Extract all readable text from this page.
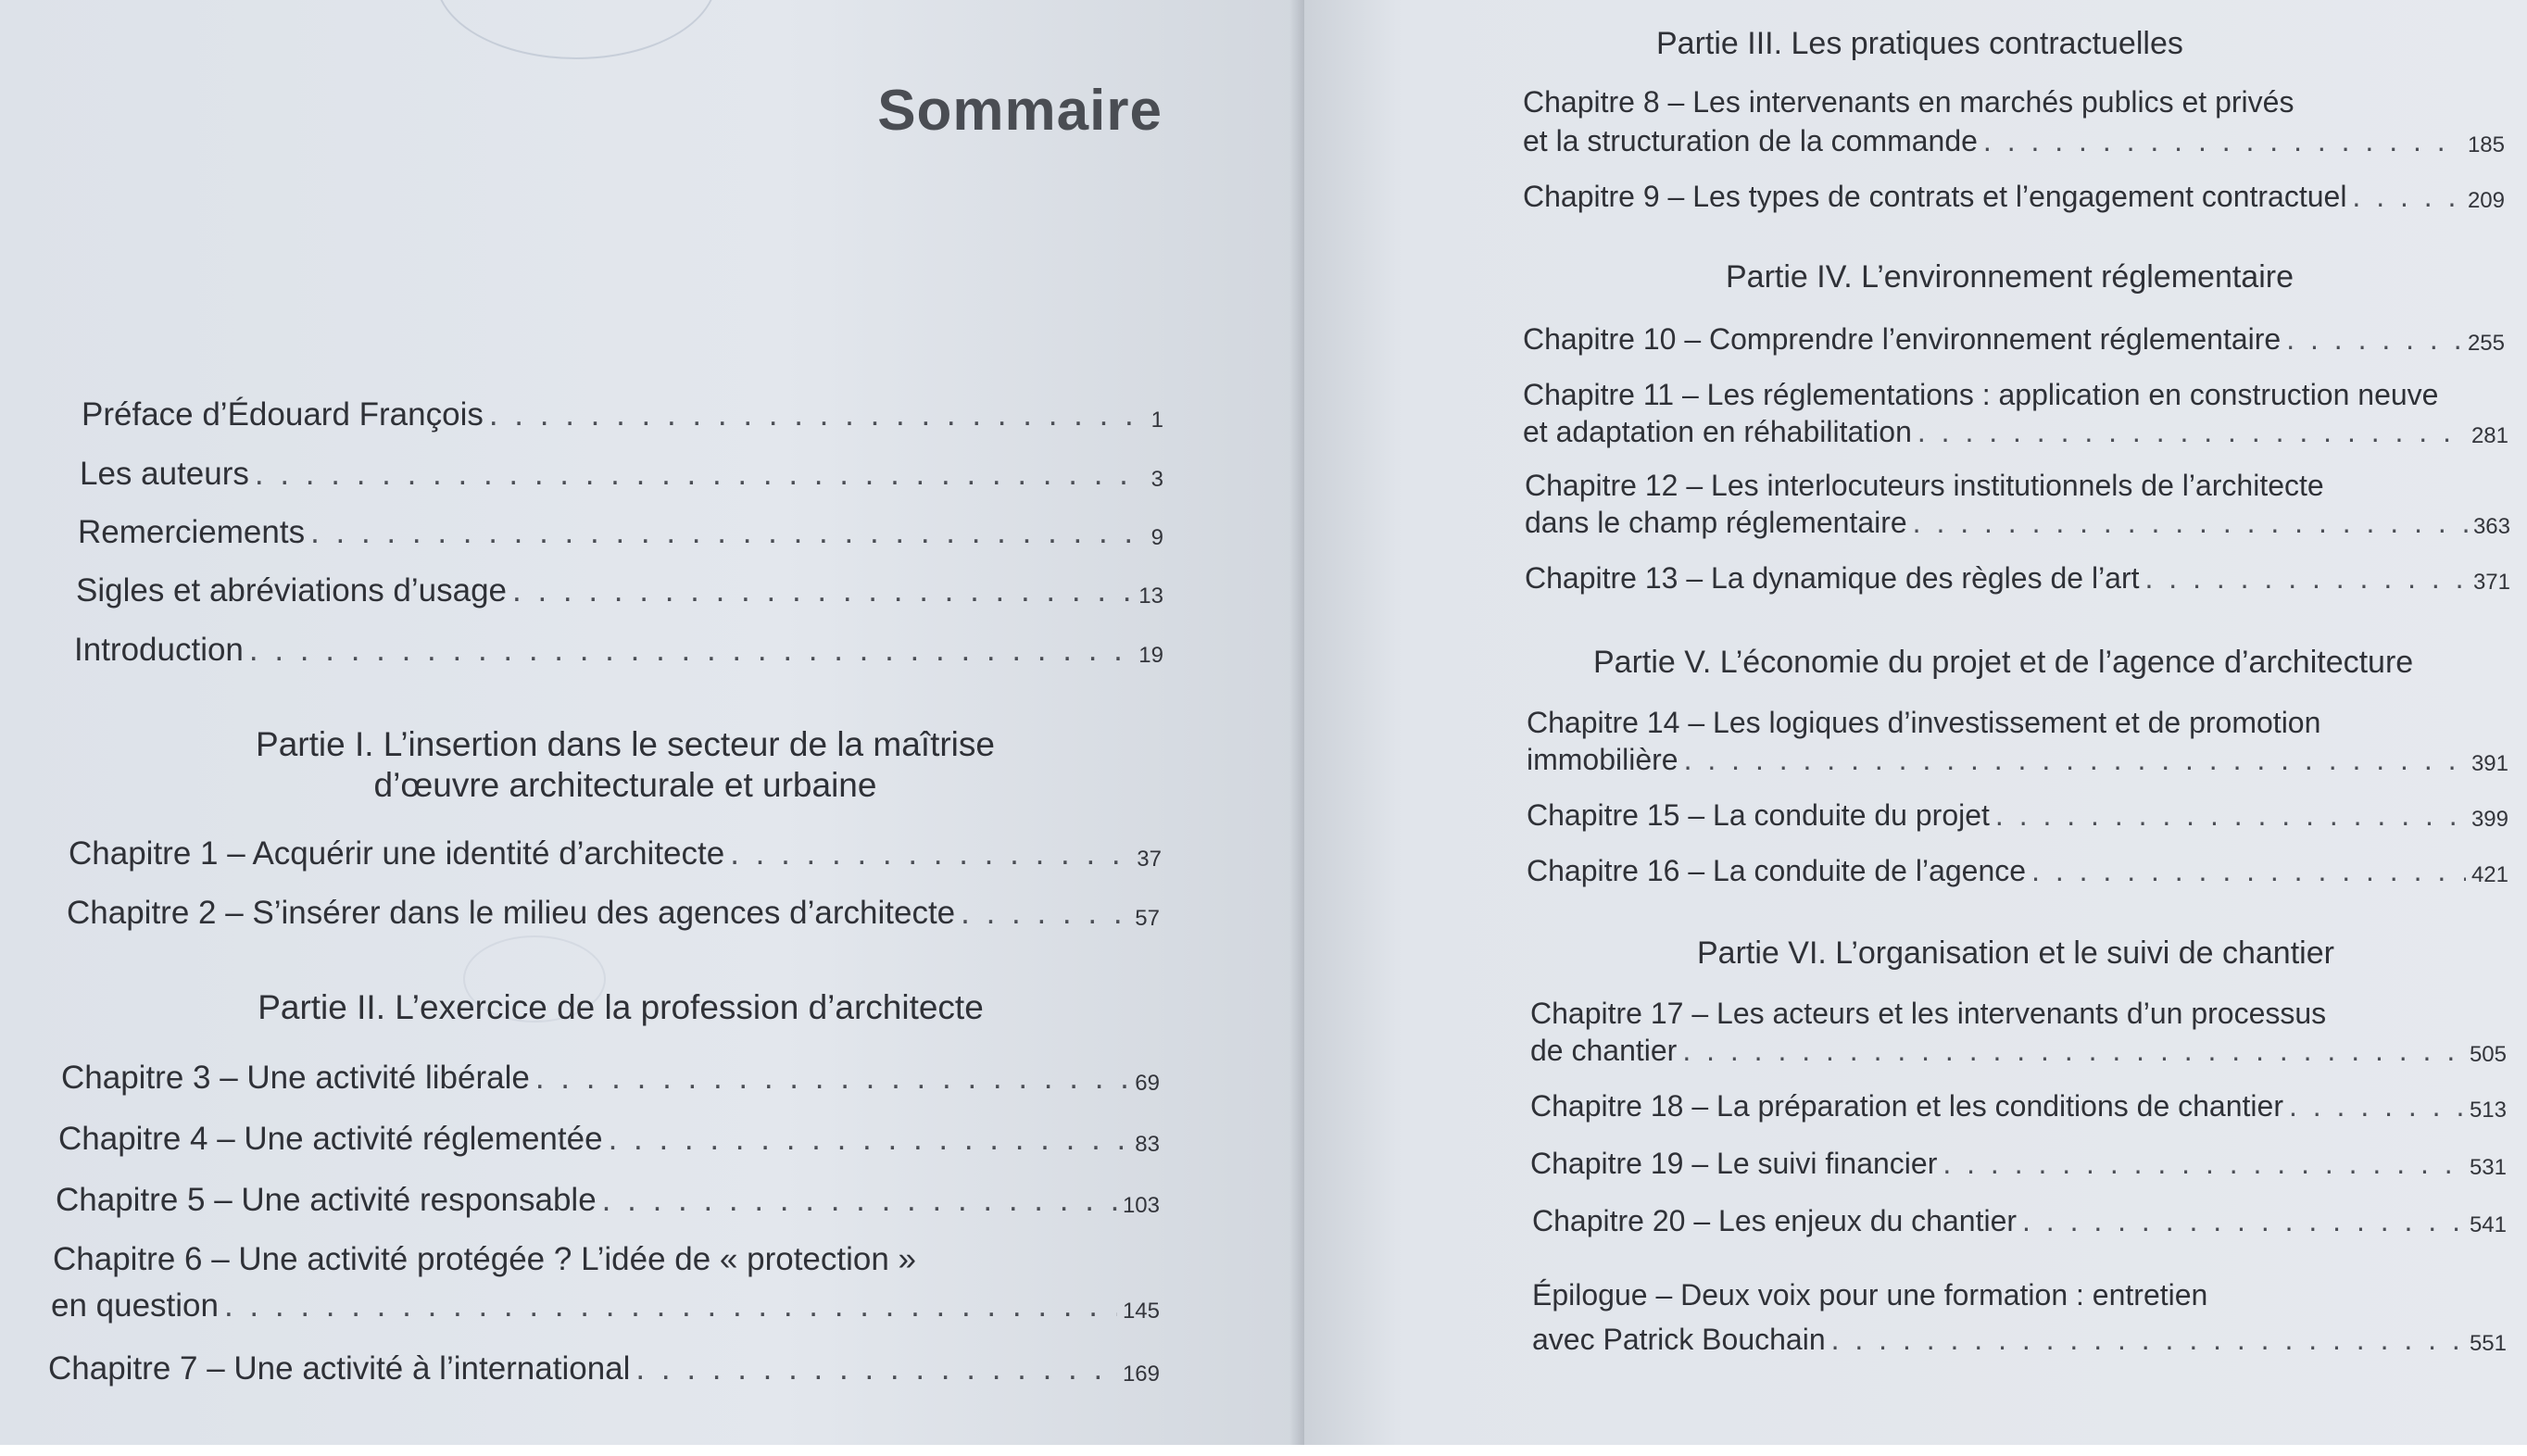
Sommaire
Préface d’Édouard François . . .	1
Les auteurs . . .	3
Remerciements . . .	9
Sigles et abréviations d’usage . . .	13
Introduction . . .	19
Partie I. L’insertion dans le secteur de la maîtrise
d’œuvre architecturale et urbaine
Chapitre 1 – Acquérir une identité d’architecte . . .	37
Chapitre 2 – S’insérer dans le milieu des agences d’architecte . . .	57
Partie II. L’exercice de la profession d’architecte
Chapitre 3 – Une activité libérale . . .	69
Chapitre 4 – Une activité réglementée . . .	83
Chapitre 5 – Une activité responsable . . .	103
Chapitre 6 – Une activité protégée ? L’idée de « protection »
en question . . .	145
Chapitre 7 – Une activité à l’international . . .	169
Partie III. Les pratiques contractuelles
Chapitre 8 – Les intervenants en marchés publics et privés
et la structuration de la commande . . .	185
Chapitre 9 – Les types de contrats et l’engagement contractuel . . .	209
Partie IV. L’environnement réglementaire
Chapitre 10 – Comprendre l’environnement réglementaire . . .	255
Chapitre 11 – Les réglementations : application en construction neuve
et adaptation en réhabilitation . . .	281
Chapitre 12 – Les interlocuteurs institutionnels de l’architecte
dans le champ réglementaire . . .	363
Chapitre 13 – La dynamique des règles de l’art . . .	371
Partie V. L’économie du projet et de l’agence d’architecture
Chapitre 14 – Les logiques d’investissement et de promotion
immobilière . . .	391
Chapitre 15 – La conduite du projet . . .	399
Chapitre 16 – La conduite de l’agence . . .	421
Partie VI. L’organisation et le suivi de chantier
Chapitre 17 – Les acteurs et les intervenants d’un processus
de chantier . . .	505
Chapitre 18 – La préparation et les conditions de chantier . . .	513
Chapitre 19 – Le suivi financier . . .	531
Chapitre 20 – Les enjeux du chantier . . .	541
Épilogue – Deux voix pour une formation : entretien
avec Patrick Bouchain . . .	551
